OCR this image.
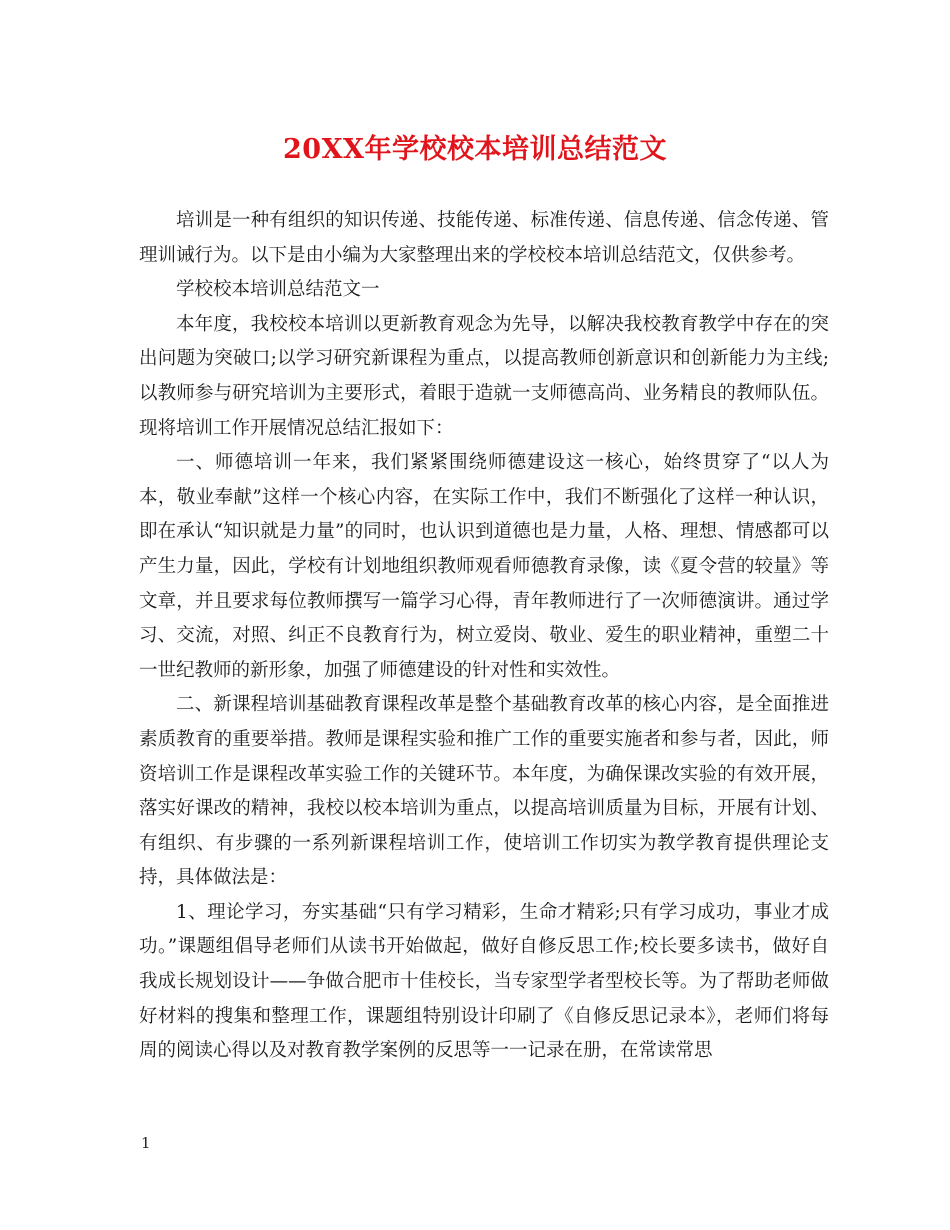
20XX年学校校本培训总结范文

培训是一种有组织的知识传递、技能传递、标准传递、信息传递、信念传递、管理训诫行为。以下是由小编为大家整理出来的学校校本培训总结范文，仅供参考。

学校校本培训总结范文一

本年度，我校校本培训以更新教育观念为先导，以解决我校教育教学中存在的突出问题为突破口;以学习研究新课程为重点，以提高教师创新意识和创新能力为主线;以教师参与研究培训为主要形式，着眼于造就一支师德高尚、业务精良的教师队伍。现将培训工作开展情况总结汇报如下：

一、师德培训一年来，我们紧紧围绕师德建设这一核心，始终贯穿了“以人为本，敬业奉献”这样一个核心内容，在实际工作中，我们不断强化了这样一种认识，即在承认“知识就是力量”的同时，也认识到道德也是力量，人格、理想、情感都可以产生力量，因此，学校有计划地组织教师观看师德教育录像，读《夏令营的较量》等文章，并且要求每位教师撰写一篇学习心得，青年教师进行了一次师德演讲。通过学习、交流，对照、纠正不良教育行为，树立爱岗、敬业、爱生的职业精神，重塑二十一世纪教师的新形象，加强了师德建设的针对性和实效性。

二、新课程培训基础教育课程改革是整个基础教育改革的核心内容，是全面推进素质教育的重要举措。教师是课程实验和推广工作的重要实施者和参与者，因此，师资培训工作是课程改革实验工作的关键环节。本年度，为确保课改实验的有效开展，落实好课改的精神，我校以校本培训为重点，以提高培训质量为目标，开展有计划、有组织、有步骤的一系列新课程培训工作，使培训工作切实为教学教育提供理论支持，具体做法是：

1、理论学习，夯实基础“只有学习精彩，生命才精彩;只有学习成功，事业才成功。”课题组倡导老师们从读书开始做起，做好自修反思工作;校长要多读书，做好自我成长规划设计——争做合肥市十佳校长，当专家型学者型校长等。为了帮助老师做好材料的搜集和整理工作，课题组特别设计印刷了《自修反思记录本》，老师们将每周的阅读心得以及对教育教学案例的反思等一一记录在册，在常读常思

1
